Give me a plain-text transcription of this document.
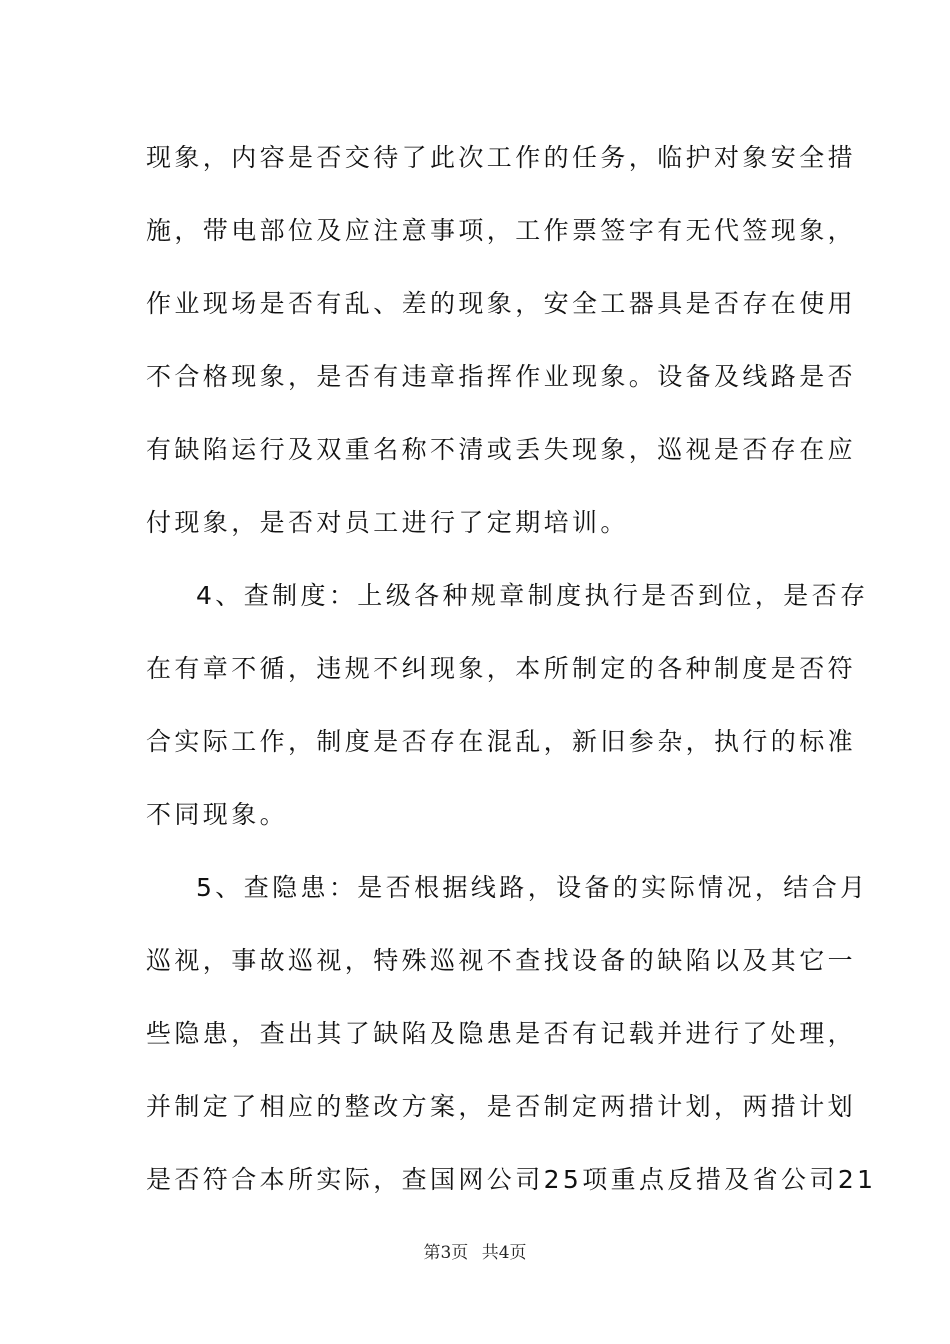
现象，内容是否交待了此次工作的任务，临护对象安全措
施，带电部位及应注意事项，工作票签字有无代签现象，
作业现场是否有乱、差的现象，安全工器具是否存在使用
不合格现象，是否有违章指挥作业现象。设备及线路是否
有缺陷运行及双重名称不清或丢失现象，巡视是否存在应
付现象，是否对员工进行了定期培训。
4、查制度：上级各种规章制度执行是否到位，是否存
在有章不循，违规不纠现象，本所制定的各种制度是否符
合实际工作，制度是否存在混乱，新旧参杂，执行的标准
不同现象。
5、查隐患：是否根据线路，设备的实际情况，结合月
巡视，事故巡视，特殊巡视不查找设备的缺陷以及其它一
些隐患，查出其了缺陷及隐患是否有记载并进行了处理，
并制定了相应的整改方案，是否制定两措计划，两措计划
是否符合本所实际，查国网公司25项重点反措及省公司21
第3页 共4页
